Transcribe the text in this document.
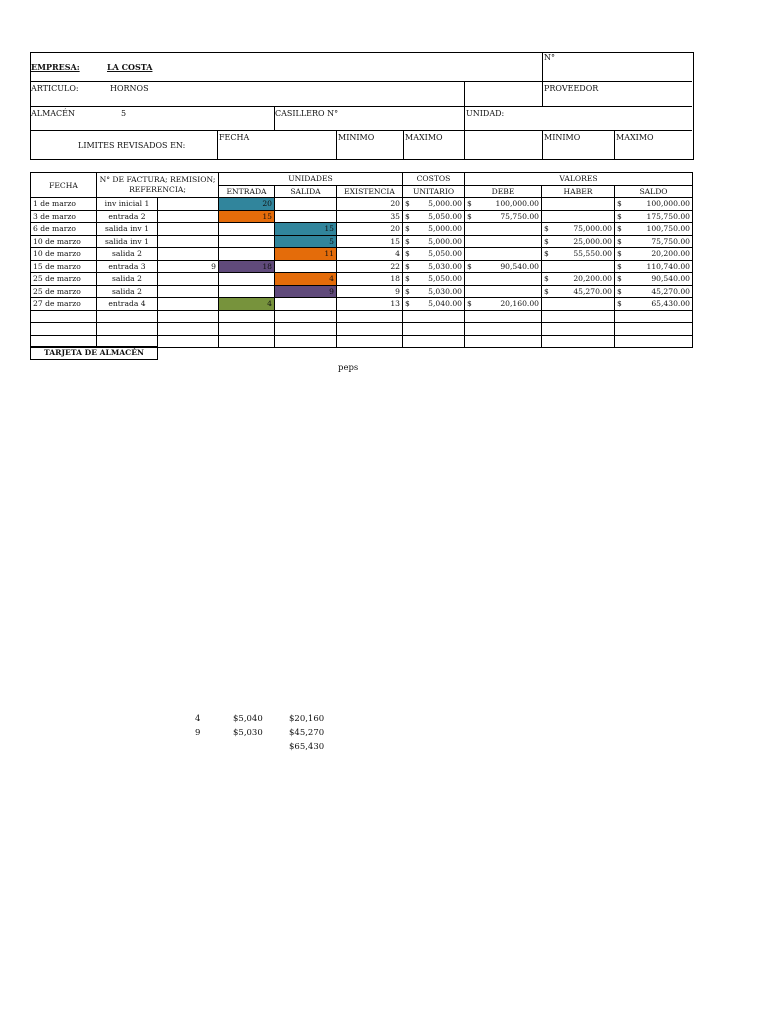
EMPRESA:	LA COSTA
N°
ARTICULO:	HORNOS	PROVEEDOR
ALMACÉN	5	CASILLERO N°	UNIDAD:
LIMITES REVISADOS EN:
FECHA	MINIMO	MAXIMO	MINIMO	MAXIMO
FECHA	N° DE FACTURA; REMISION;
REFERENCIA;		UNIDADES			COSTOS	VALORES		
			ENTRADA	SALIDA	EXISTENCIA	UNITARIO	DEBE	HABER	SALDO
1 de marzo	inv inicial 1		20		20	$ 5,000.00	$ 100,000.00		$ 100,000.00

3 de marzo	entrada 2		15		35	$ 5,050.00	$ 75,750.00		$ 175,750.00

6 de marzo	salida inv 1			15	20	$ 5,000.00		$ 75,000.00	$ 100,750.00

10 de marzo	salida inv 1			5	15	$ 5,000.00		$ 25,000.00	$ 75,750.00

10 de marzo	salida 2			11	4	$ 5,050.00		$ 55,550.00	$ 20,200.00

15 de marzo	entrada 3	9	18		22	$ 5,030.00	$ 90,540.00		$ 110,740.00

25 de marzo	salida 2			4	18	$ 5,050.00		$ 20,200.00	$ 90,540.00

25 de marzo	salida 2			9	9	$ 5,030.00		$ 45,270.00	$ 45,270.00

27 de marzo	entrada 4		4		13	$ 5,040.00	$ 20,160.00		$ 65,430.00

TARJETA DE ALMACÉN
peps
4	$5,040	$20,160
9	$5,030	$45,270
$65,430
